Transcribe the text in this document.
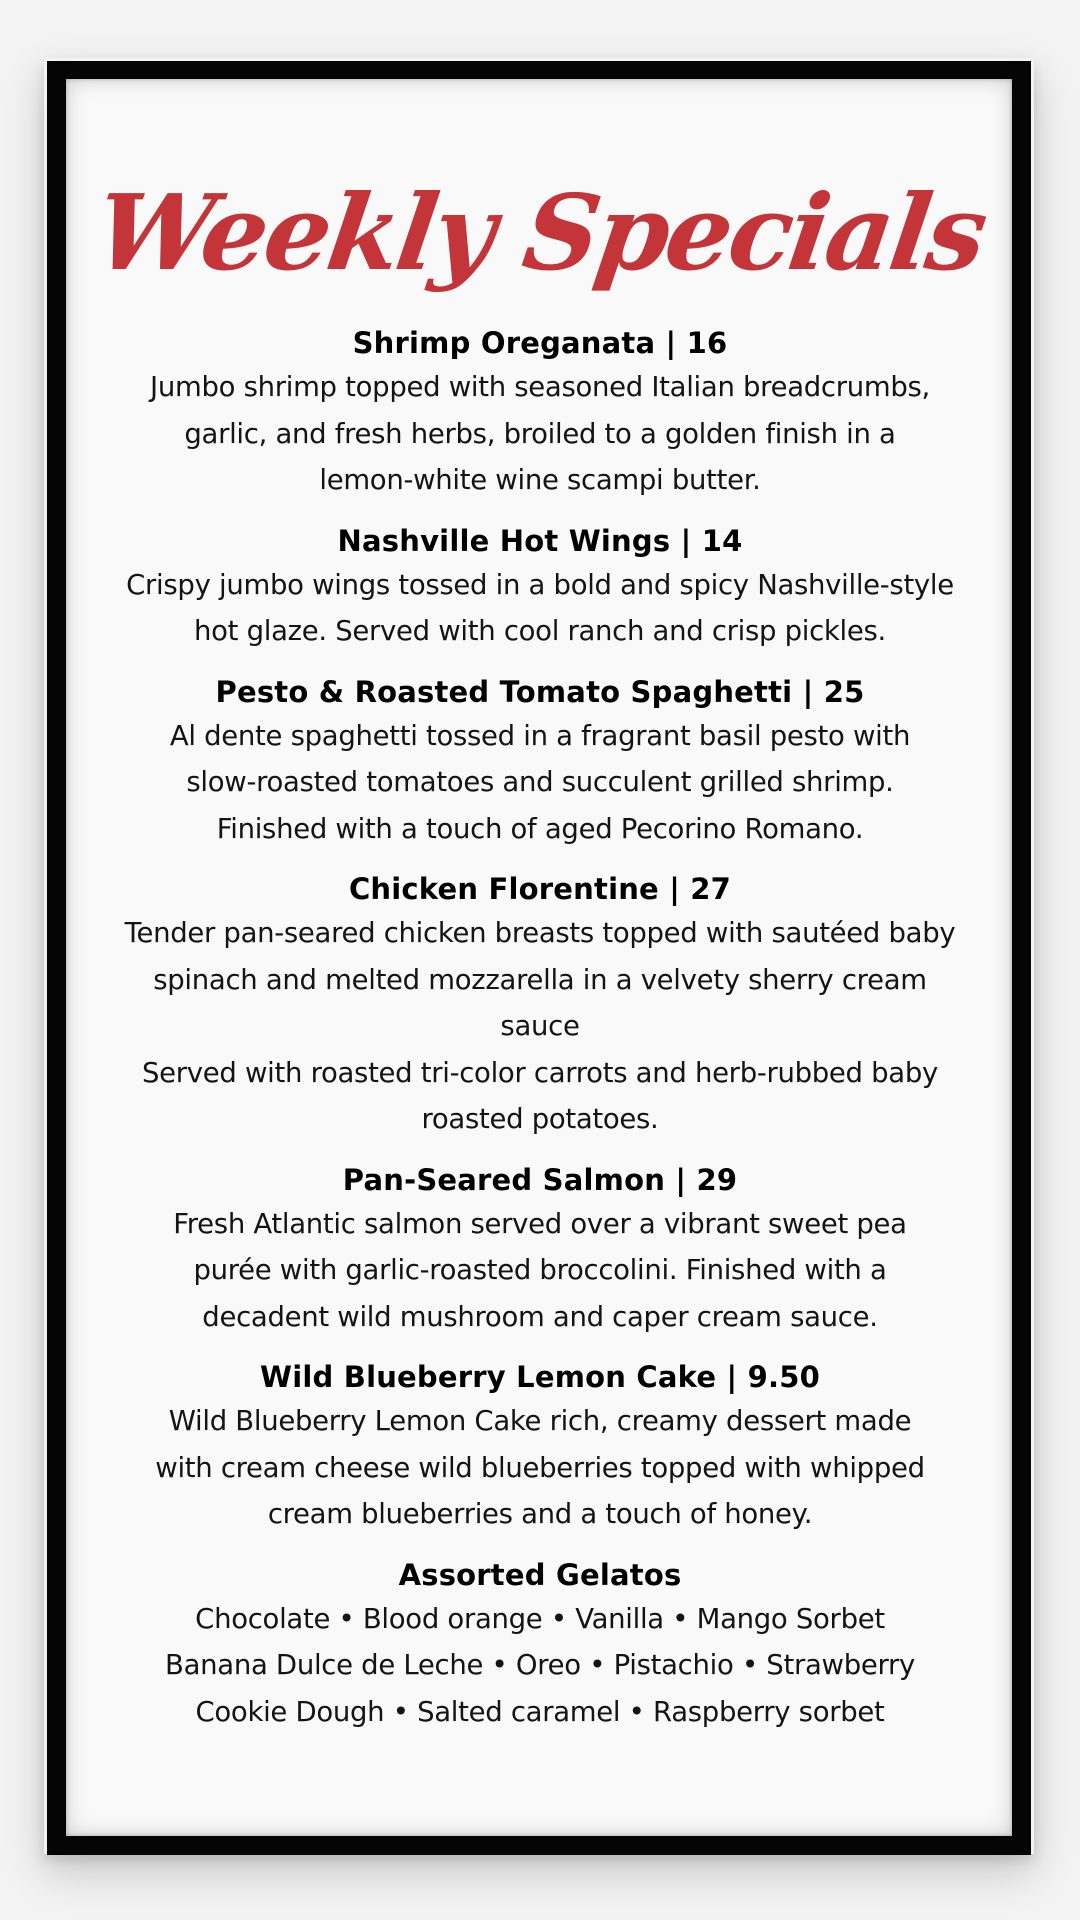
Weekly Specials
Shrimp Oreganata | 16
Jumbo shrimp topped with seasoned Italian breadcrumbs,
garlic, and fresh herbs, broiled to a golden finish in a
lemon-white wine scampi butter.
Nashville Hot Wings | 14
Crispy jumbo wings tossed in a bold and spicy Nashville-style
hot glaze. Served with cool ranch and crisp pickles.
Pesto & Roasted Tomato Spaghetti | 25
Al dente spaghetti tossed in a fragrant basil pesto with
slow-roasted tomatoes and succulent grilled shrimp.
Finished with a touch of aged Pecorino Romano.
Chicken Florentine | 27
Tender pan-seared chicken breasts topped with sautéed baby
spinach and melted mozzarella in a velvety sherry cream sauce
Served with roasted tri-color carrots and herb-rubbed baby
roasted potatoes.
Pan-Seared Salmon | 29
Fresh Atlantic salmon served over a vibrant sweet pea
purée with garlic-roasted broccolini. Finished with a
decadent wild mushroom and caper cream sauce.
Wild Blueberry Lemon Cake | 9.50
Wild Blueberry Lemon Cake rich, creamy dessert made
with cream cheese wild blueberries topped with whipped
cream blueberries and a touch of honey.
Assorted Gelatos
Chocolate • Blood orange • Vanilla • Mango Sorbet
Banana Dulce de Leche • Oreo • Pistachio • Strawberry
Cookie Dough • Salted caramel • Raspberry sorbet
